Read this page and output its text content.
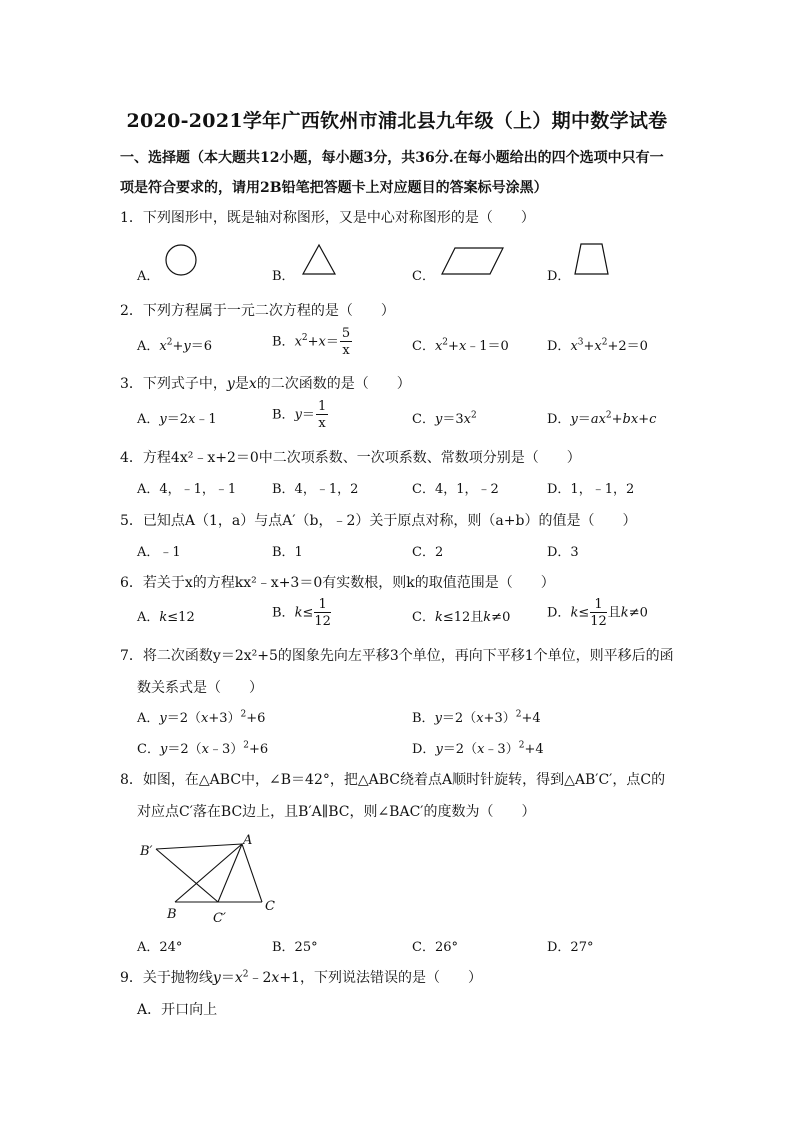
2020-2021学年广西钦州市浦北县九年级（上）期中数学试卷
一、选择题（本大题共12小题，每小题3分，共36分.在每小题给出的四个选项中只有一
项是符合要求的，请用2B铅笔把答题卡上对应题目的答案标号涂黑）
1．下列图形中，既是轴对称图形，又是中心对称图形的是（　　）
A．	B．	C．	D．
2．下列方程属于一元二次方程的是（　　）
A．$x^2+y=6$	B．$x^2+x= \frac{5}{x}$	C．$x^2+x﹣1=0$	D．$x^3+x^2+2=0$
3．下列式子中，y是x的二次函数的是（　　）
A．y＝2x﹣1	B．$y= \frac{1}{x}$	C．$y=3x^2$	D．$y=ax^2+bx+c$
4．方程4x²﹣x+2＝0中二次项系数、一次项系数、常数项分别是（　　）
A．4，﹣1，﹣1	B．4，﹣1，2	C．4，1，﹣2	D．1，﹣1，2
5．已知点A（1，a）与点A′（b，﹣2）关于原点对称，则（a+b）的值是（　　）
A．﹣1	B．1	C．2	D．3
6．若关于x的方程kx²﹣x+3＝0有实数根，则k的取值范围是（　　）
A．k≤12	B．$k\le \frac{1}{12}$	C．k≤12且k≠0	D．$k\le \frac{1}{12}$ 且k≠0
7．将二次函数y＝2x²+5的图象先向左平移3个单位，再向下平移1个单位，则平移后的函
数关系式是（　　）
A．$y=2(x+3)^2+6$	B．$y=2(x+3)^2+4$
C．y＝2（x﹣3）$^2$+6	D．y＝2（x﹣3）$^2$+4
8．如图，在△ABC中，∠B＝42°，把△ABC绕着点A顺时针旋转，得到△AB′C′，点C的
对应点C′落在BC边上，且B′A∥BC，则∠BAC′的度数为（　　）
A
B′
B	C′
C
A．24°	B．25°	C．26°	D．27°
9．关于抛物线$y=x^2﹣2x+1$，下列说法错误的是（　　）
A．开口向上
